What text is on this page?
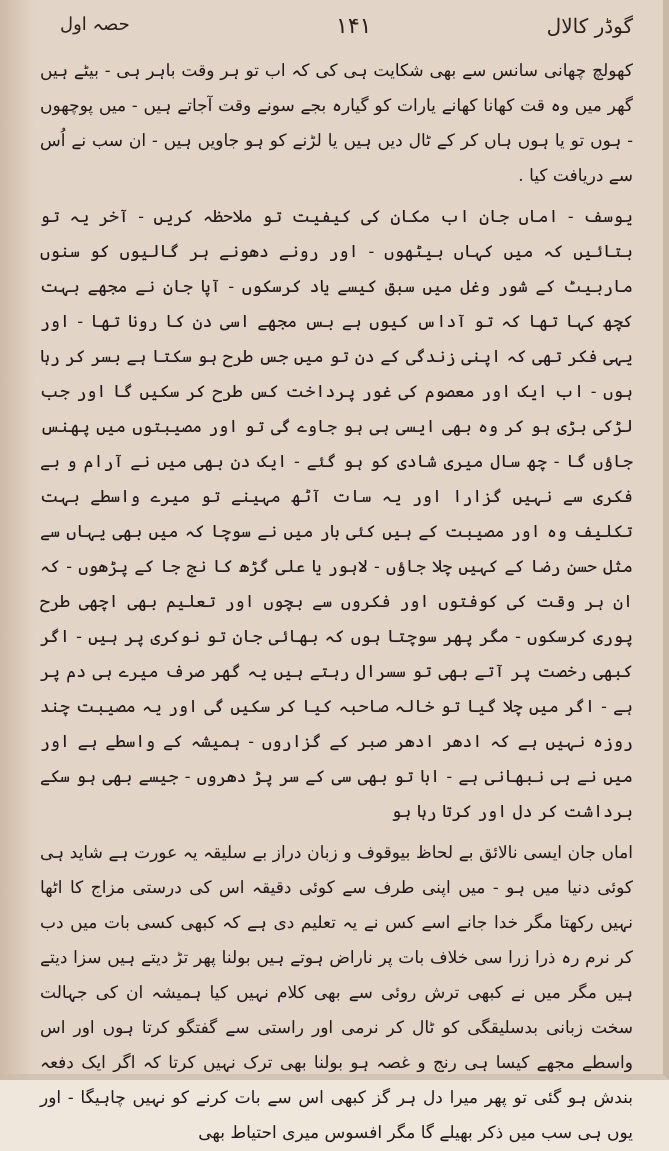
حصہ اول	۱۴۱	گوڈر کالال

کھولچ چھانی سانس سے بھی شکایت ہی کی کہ اب تو ہر وقت باہر ہی - بیٹے ہیں گھر میں وہ قت کھانا کھانے یارات کو گیارہ بجے سونے وقت آجاتے ہیں - میں پوچھوں - ہوں تو یا ہوں ہاں کر کے ٹال دیں ہیں یا لڑنے کو ہو جاویں ہیں - ان سب نے اُس سے دریافت کیا .

یوسف - اماں جان اب مکان کی کیفیت تو ملاحظہ کریں - آخر یہ تو بتائیں کہ میں کہاں بیٹھوں - اور رونے دھونے ہر گالیوں کو سنوں ماربیٹ کے شور وغل میں سبق کیسے یاد کرسکوں - آپا جان نے مجھے بہت کچھ کہا تھا کہ تو آداس کیوں ہے بس مجھے اسی دن کا رونا تھا - اور یہی فکر تھی کہ اپنی زندگی کے دن تو میں جس طرح ہو سکتا ہے بسر کر رہا ہوں - اب ایک اور معصوم کی غور پرداخت کس طرح کر سکیں گا اور جب لڑکی بڑی ہو کر وہ بھی ایسی ہی ہو جاوے گی تو اور مصیبتوں میں پھنس جاؤں گا - چھ سال میری شادی کو ہو گئے - ایک دن بھی میں نے آرام و بے فکری سے نہیں گزارا اور یہ سات آٹھ مہینے تو میرے واسطے بہت تکلیف وہ اور مصیبت کے ہیں کئی بار میں نے سوچا کہ میں بھی یہاں سے مثل حسن رضا کے کہیں چلا جاؤں - لاہور یا علی گڑھ کا نج جا کے پڑھوں - کہ ان ہر وقت کی کوفتوں اور فکروں سے بچوں اور تعلیم بھی اچھی طرح پوری کرسکوں - مگر پھر سوچتا ہوں کہ بھائی جان تو نوکری پر ہیں - اگر کبھی رخصت پر آتے بھی تو سسرال رہتے ہیں یہ گھر صرف میرے ہی دم پر ہے - اگر میں چلا گیا تو خالہ صاحبہ کیا کر سکیں گی اور یہ مصیبت چند روزہ نہیں ہے کہ ادھر ادھر صبر کے گزاروں - ہمیشہ کے واسطے ہے اور میں نے ہی نبھانی ہے - ابا تو بھی سی کے سر پڑ دھروں - جیسے بھی ہو سکے برداشت کر دل اور کرتا رہا ہو

اماں جان ایسی نالائق بے لحاظ بیوقوف و زبان دراز بے سلیقہ یہ عورت ہے شاید ہی کوئی دنیا میں ہو - میں اپنی طرف سے کوئی دقیقہ اس کی درستی مزاج کا اٹھا نہیں رکھتا مگر خدا جانے اسے کس نے یہ تعلیم دی ہے کہ کبھی کسی بات میں دب کر نرم رہ ذرا زرا سی خلاف بات پر ناراض ہوتے ہیں بولنا پھر تڑ دیتے ہیں سزا دیتے ہیں مگر میں نے کبھی ترش روئی سے بھی کلام نہیں کیا ہمیشہ ان کی جہالت سخت زبانی بدسلیقگی کو ٹال کر نرمی اور راستی سے گفتگو کرتا ہوں اور اس واسطے مجھے کیسا ہی رنج و غصہ ہو بولنا بھی ترک نہیں کرتا کہ اگر ایک دفعہ بندش ہو گئی تو پھر میرا دل ہر گز کبھی اس سے بات کرنے کو نہیں چاہیگا - اور یوں ہی سب میں ذکر بھیلے گا مگر افسوس میری احتیاط بھی
